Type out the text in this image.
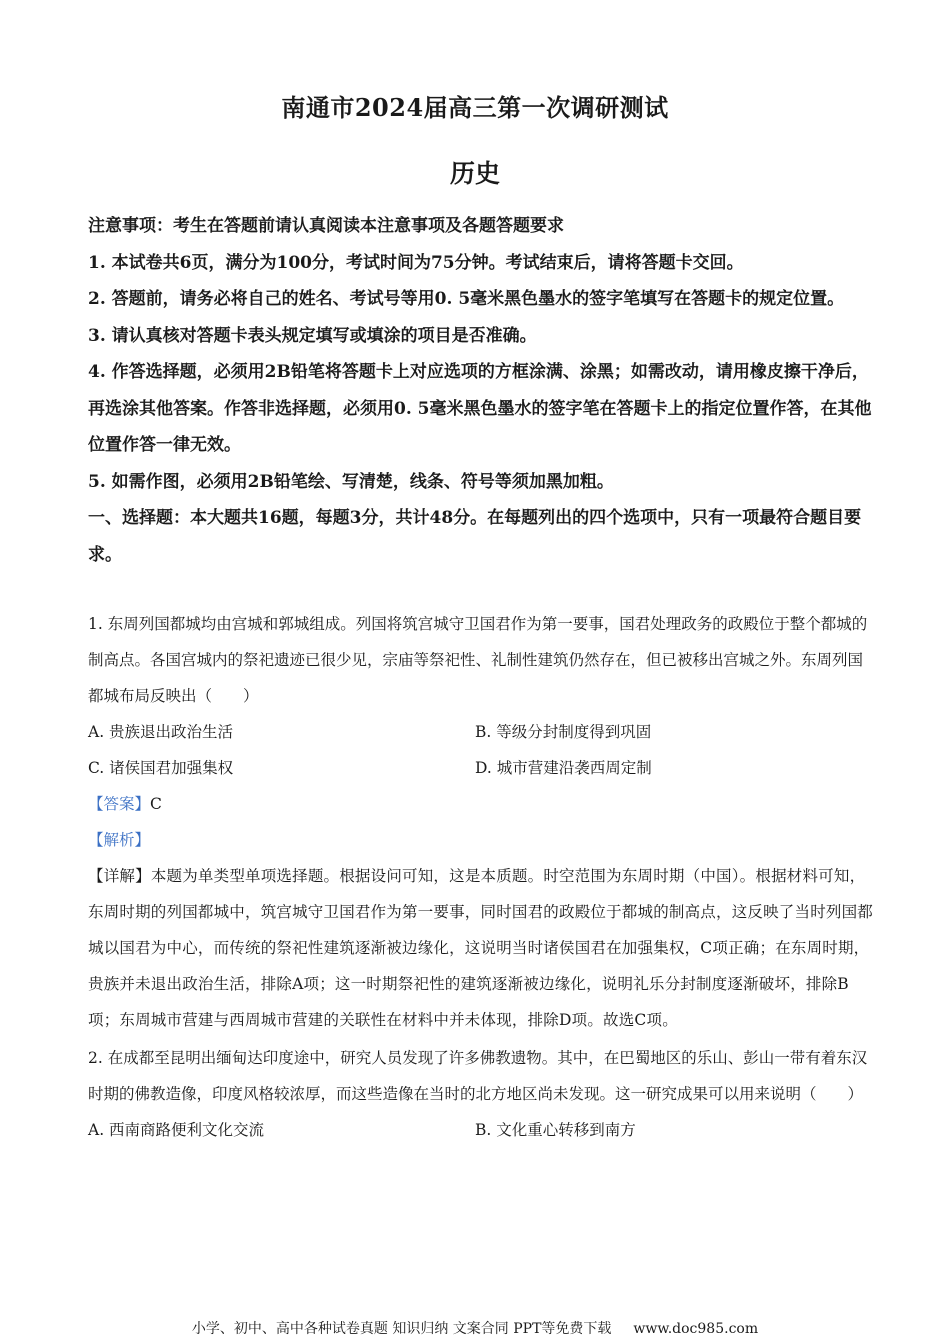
南通市2024届高三第一次调研测试
历史

注意事项：考生在答题前请认真阅读本注意事项及各题答题要求

1. 本试卷共6页，满分为100分，考试时间为75分钟。考试结束后，请将答题卡交回。

2. 答题前，请务必将自己的姓名、考试号等用0. 5毫米黑色墨水的签字笔填写在答题卡的规定位置。

3. 请认真核对答题卡表头规定填写或填涂的项目是否准确。

4. 作答选择题，必须用2B铅笔将答题卡上对应选项的方框涂满、涂黑；如需改动，请用橡皮擦干净后，再选涂其他答案。作答非选择题，必须用0. 5毫米黑色墨水的签字笔在答题卡上的指定位置作答，在其他位置作答一律无效。

5. 如需作图，必须用2B铅笔绘、写清楚，线条、符号等须加黑加粗。

一、选择题：本大题共16题，每题3分，共计48分。在每题列出的四个选项中，只有一项最符合题目要求。

1. 东周列国都城均由宫城和郭城组成。列国将筑宫城守卫国君作为第一要事，国君处理政务的政殿位于整个都城的制高点。各国宫城内的祭祀遗迹已很少见，宗庙等祭祀性、礼制性建筑仍然存在，但已被移出宫城之外。东周列国都城布局反映出（　　）

A. 贵族退出政治生活	B. 等级分封制度得到巩固
C. 诸侯国君加强集权	D. 城市营建沿袭西周定制

【答案】C

【解析】

【详解】本题为单类型单项选择题。根据设问可知，这是本质题。时空范围为东周时期（中国）。根据材料可知，东周时期的列国都城中，筑宫城守卫国君作为第一要事，同时国君的政殿位于都城的制高点，这反映了当时列国都城以国君为中心，而传统的祭祀性建筑逐渐被边缘化，这说明当时诸侯国君在加强集权，C项正确；在东周时期，贵族并未退出政治生活，排除A项；这一时期祭祀性的建筑逐渐被边缘化，说明礼乐分封制度逐渐破坏，排除B项；东周城市营建与西周城市营建的关联性在材料中并未体现，排除D项。故选C项。

2. 在成都至昆明出缅甸达印度途中，研究人员发现了许多佛教遗物。其中，在巴蜀地区的乐山、彭山一带有着东汉时期的佛教造像，印度风格较浓厚，而这些造像在当时的北方地区尚未发现。这一研究成果可以用来说明（　　）

A. 西南商路便利文化交流	B. 文化重心转移到南方
小学、初中、高中各种试卷真题 知识归纳 文案合同 PPT等免费下载 www.doc985.com
